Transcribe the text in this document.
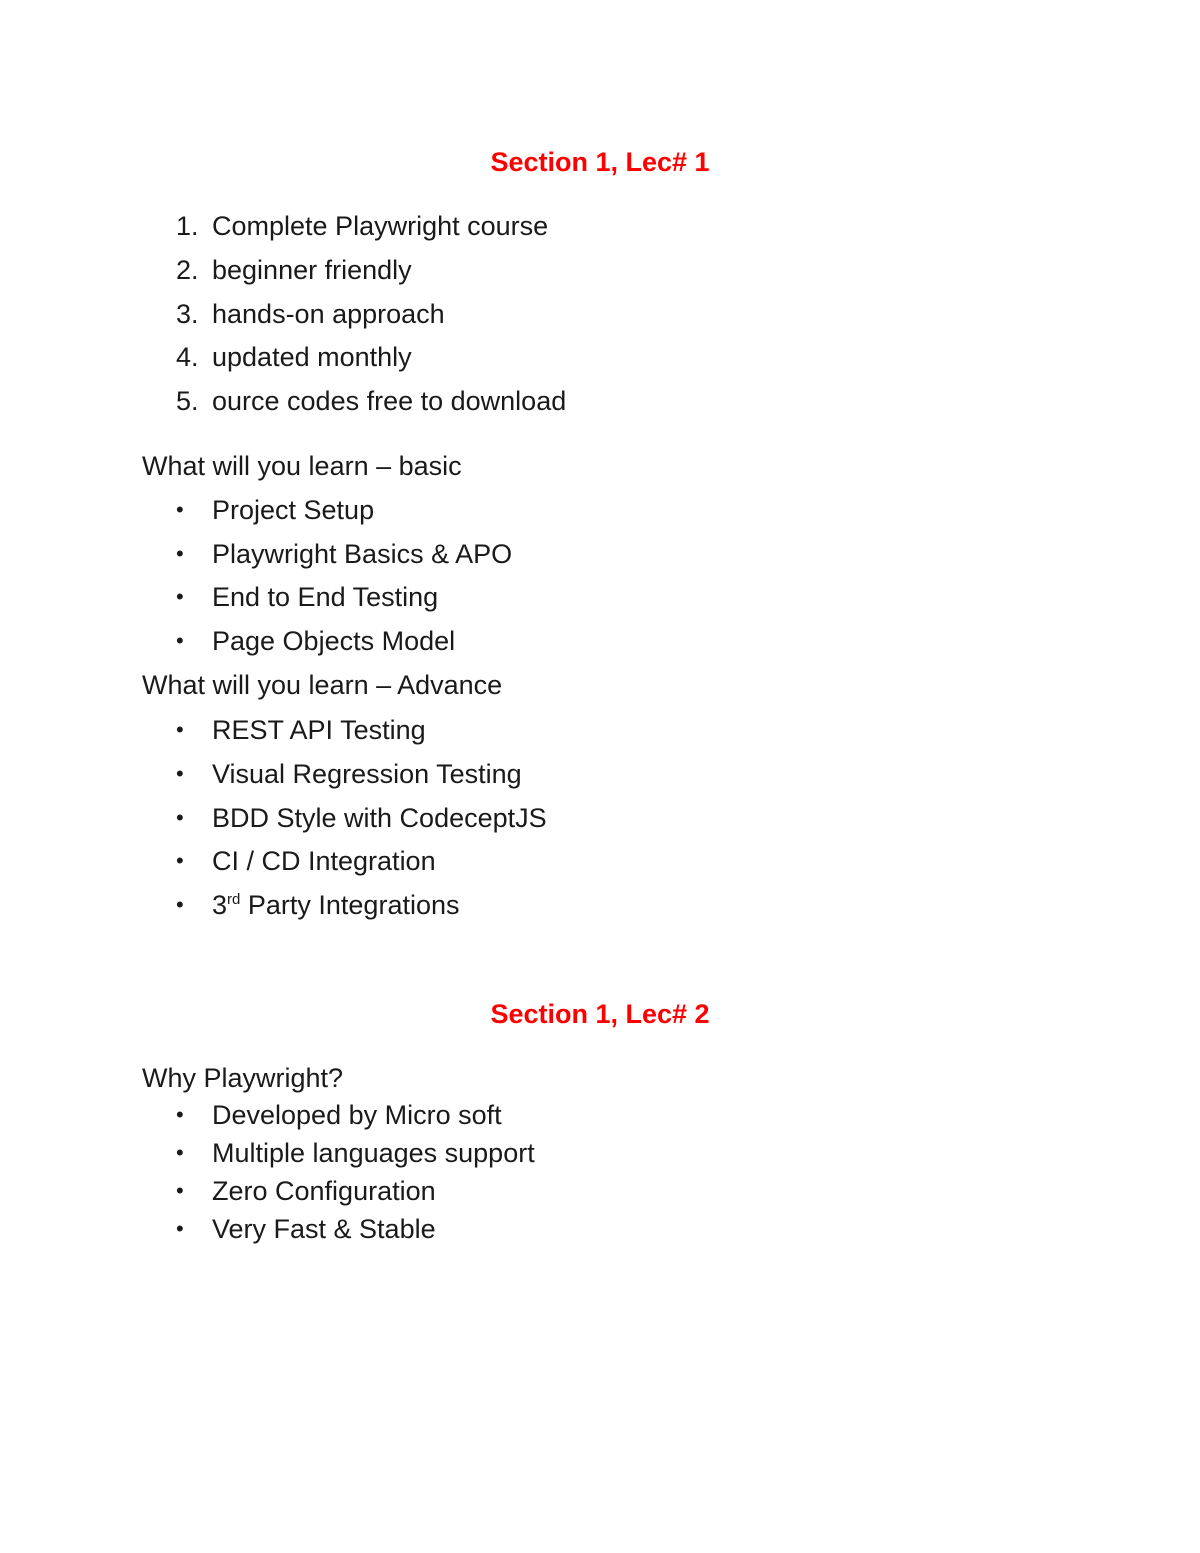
Section 1, Lec# 1
1. Complete Playwright course
2. beginner friendly
3. hands-on approach
4. updated monthly
5. ource codes free to download
What will you learn – basic
• Project Setup
• Playwright Basics & APO
• End to End Testing
• Page Objects Model
What will you learn – Advance
• REST API Testing
• Visual Regression Testing
• BDD Style with CodeceptJS
• CI / CD Integration
• 3rd Party Integrations
Section 1, Lec# 2
Why Playwright?
• Developed by Micro soft
• Multiple languages support
• Zero Configuration
• Very Fast & Stable
